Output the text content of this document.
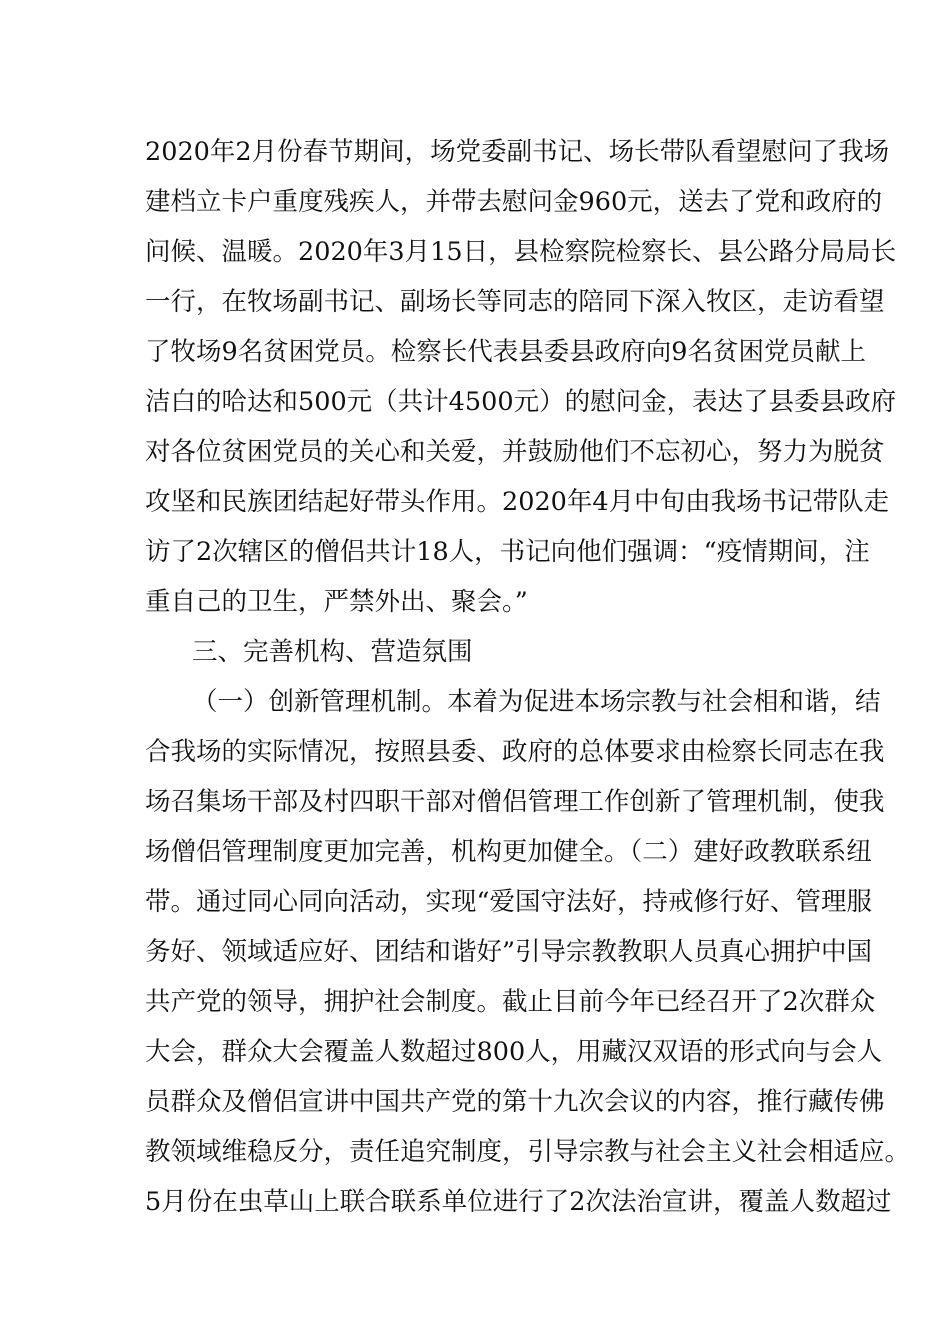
2020年2月份春节期间，场党委副书记、场长带队看望慰问了我场
建档立卡户重度残疾人，并带去慰问金960元，送去了党和政府的
问候、温暖。2020年3月15日，县检察院检察长、县公路分局局长
一行，在牧场副书记、副场长等同志的陪同下深入牧区，走访看望
了牧场9名贫困党员。检察长代表县委县政府向9名贫困党员献上
洁白的哈达和500元（共计4500元）的慰问金，表达了县委县政府
对各位贫困党员的关心和关爱，并鼓励他们不忘初心，努力为脱贫
攻坚和民族团结起好带头作用。2020年4月中旬由我场书记带队走
访了2次辖区的僧侣共计18人，书记向他们强调：“疫情期间，注
重自己的卫生，严禁外出、聚会。”
三、完善机构、营造氛围
（一）创新管理机制。本着为促进本场宗教与社会相和谐，结
合我场的实际情况，按照县委、政府的总体要求由检察长同志在我
场召集场干部及村四职干部对僧侣管理工作创新了管理机制，使我
场僧侣管理制度更加完善，机构更加健全。（二）建好政教联系纽
带。通过同心同向活动，实现“爱国守法好，持戒修行好、管理服
务好、领域适应好、团结和谐好”引导宗教教职人员真心拥护中国
共产党的领导，拥护社会制度。截止目前今年已经召开了2次群众
大会，群众大会覆盖人数超过800人，用藏汉双语的形式向与会人
员群众及僧侣宣讲中国共产党的第十九次会议的内容，推行藏传佛
教领域维稳反分，责任追究制度，引导宗教与社会主义社会相适应。
5月份在虫草山上联合联系单位进行了2次法治宣讲，覆盖人数超过
